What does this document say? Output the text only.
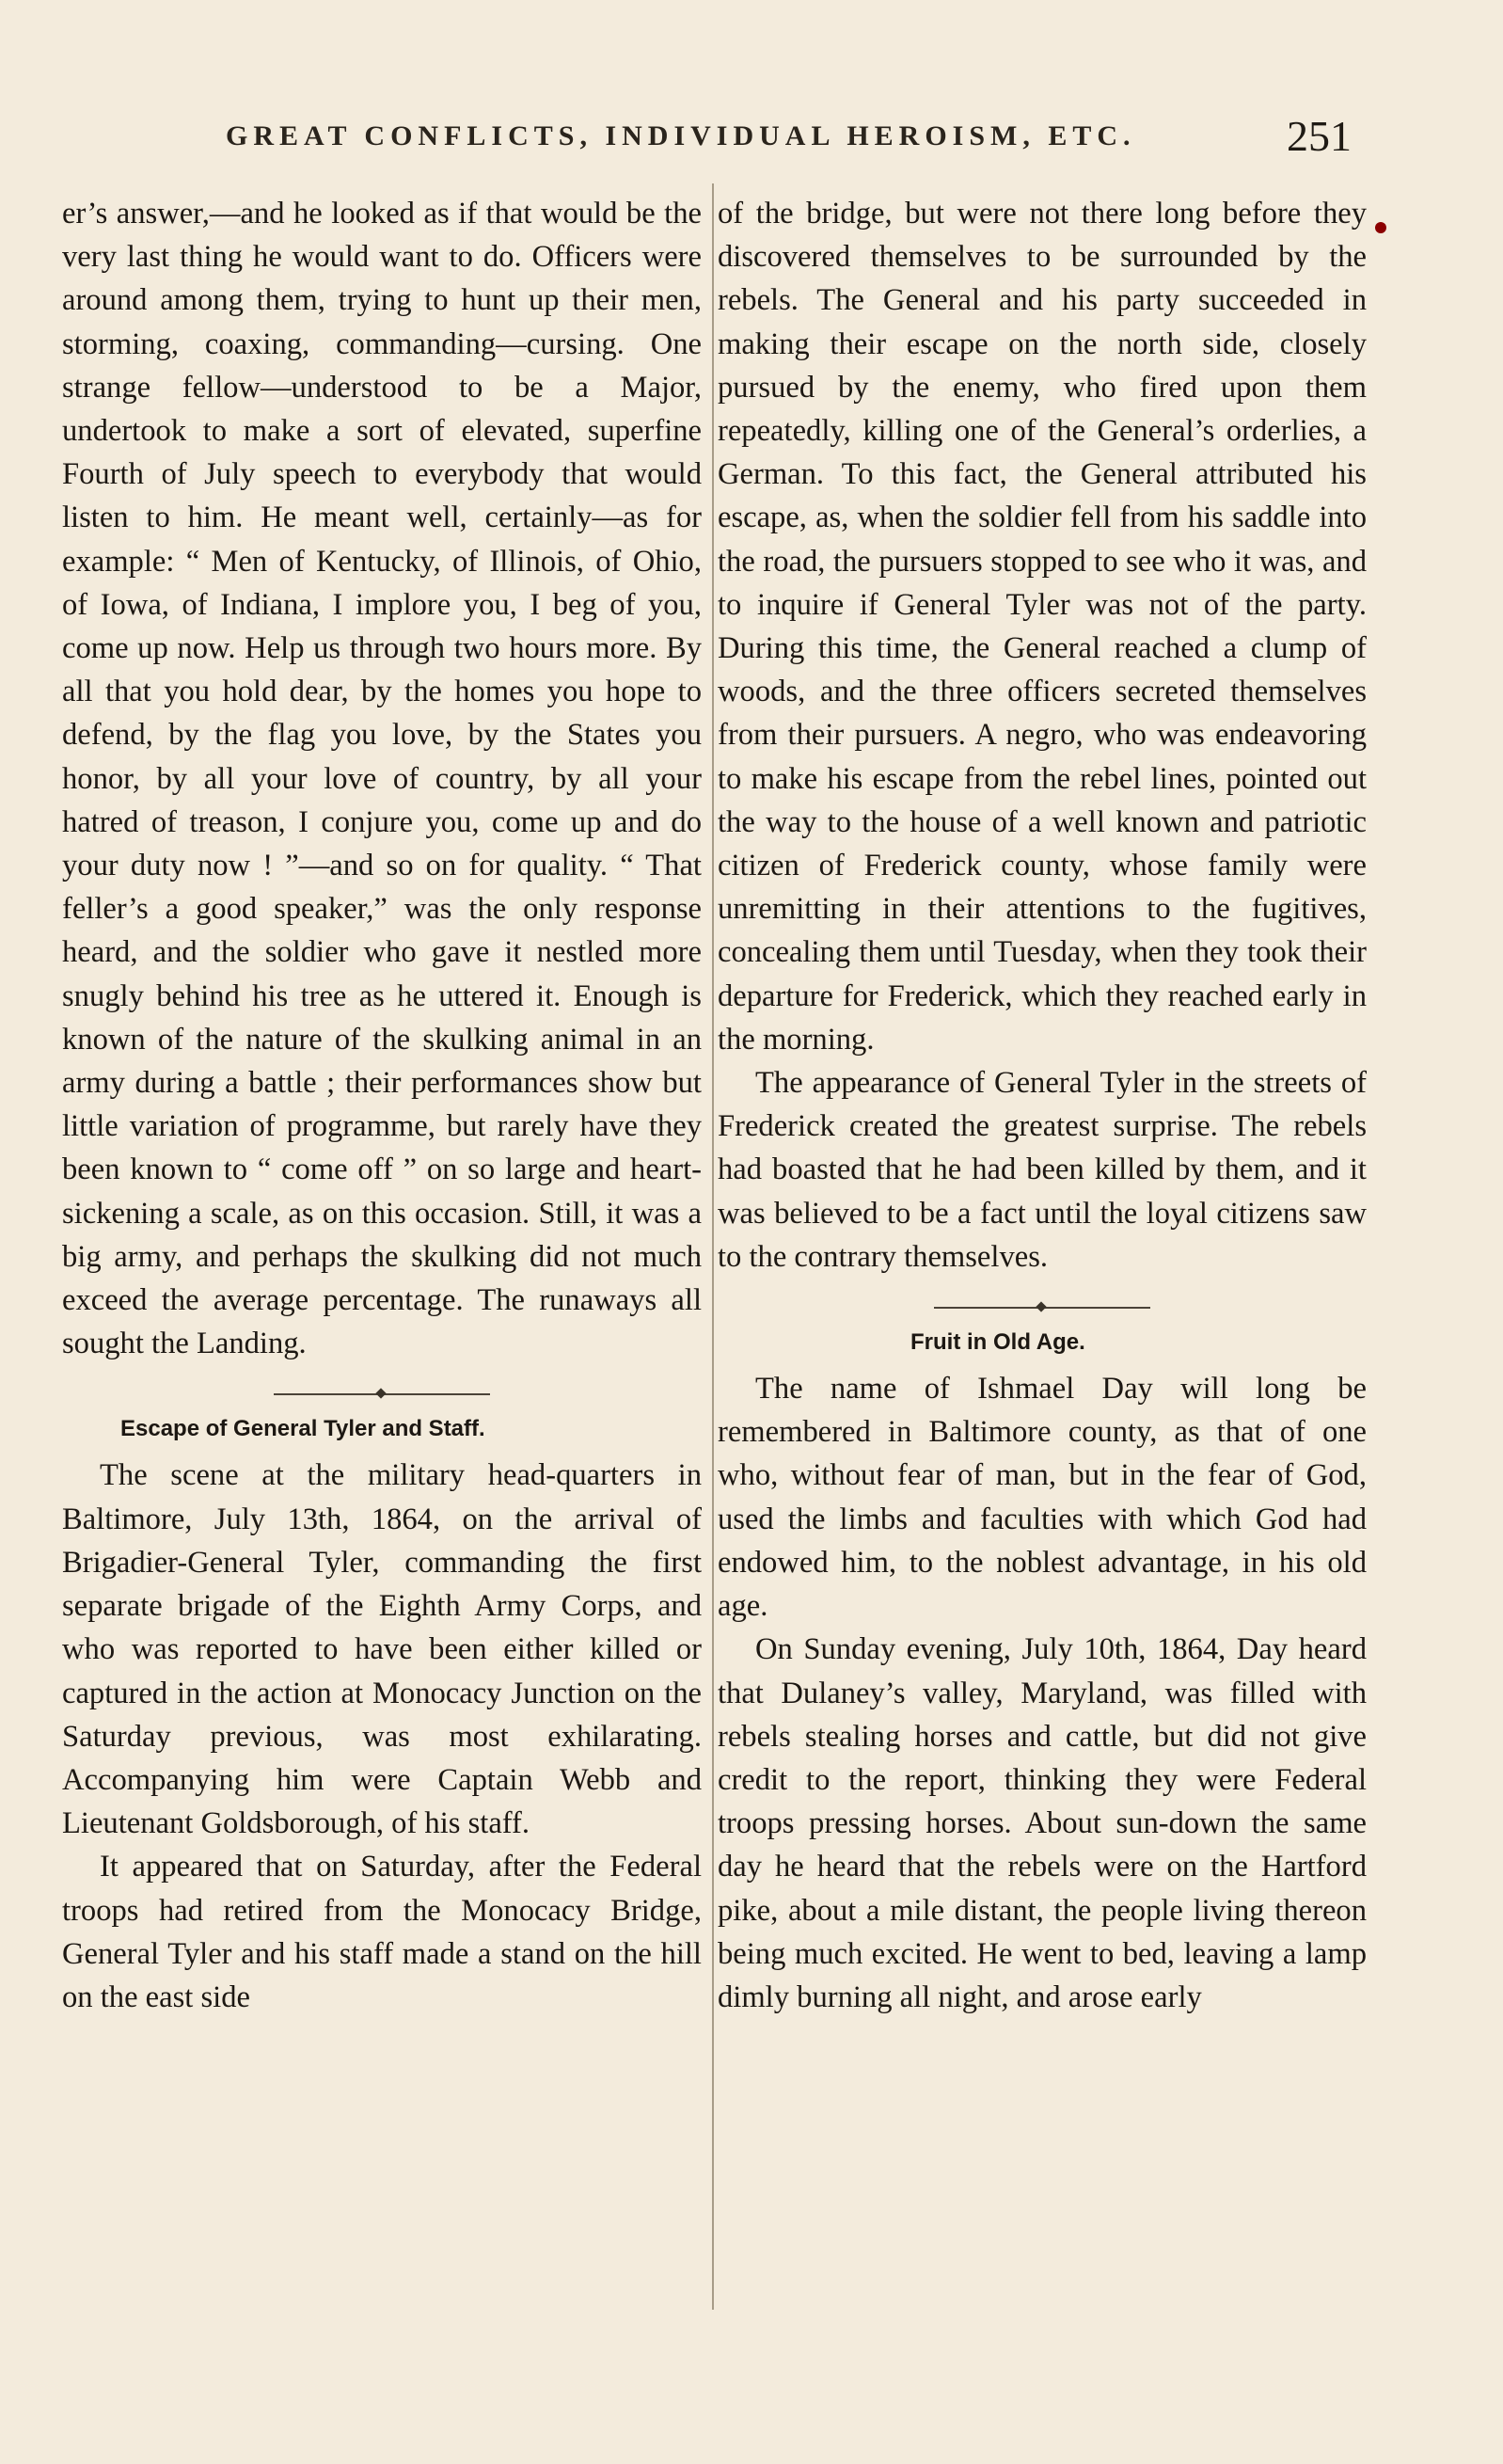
GREAT CONFLICTS, INDIVIDUAL HEROISM, ETC.	251

er’s answer,—and he looked as if that would be the very last thing he would want to do. Officers were around among them, trying to hunt up their men, storming, coaxing, commanding—cursing. One strange fellow—understood to be a Major, undertook to make a sort of elevated, superfine Fourth of July speech to everybody that would listen to him. He meant well, certainly—as for example: “ Men of Kentucky, of Illinois, of Ohio, of Iowa, of Indiana, I implore you, I beg of you, come up now. Help us through two hours more. By all that you hold dear, by the homes you hope to defend, by the flag you love, by the States you honor, by all your love of country, by all your hatred of treason, I conjure you, come up and do your duty now ! ”—and so on for quality. “ That feller’s a good speaker,” was the only response heard, and the soldier who gave it nestled more snugly behind his tree as he uttered it. Enough is known of the nature of the skulking animal in an army during a battle ; their performances show but little variation of programme, but rarely have they been known to “ come off ” on so large and heart-sickening a scale, as on this occasion. Still, it was a big army, and perhaps the skulking did not much exceed the average percentage. The runaways all sought the Landing.

Escape of General Tyler and Staff.

The scene at the military head-quarters in Baltimore, July 13th, 1864, on the arrival of Brigadier-General Tyler, commanding the first separate brigade of the Eighth Army Corps, and who was reported to have been either killed or captured in the action at Monocacy Junction on the Saturday previous, was most exhilarating. Accompanying him were Captain Webb and Lieutenant Goldsborough, of his staff.

It appeared that on Saturday, after the Federal troops had retired from the Monocacy Bridge, General Tyler and his staff made a stand on the hill on the east side

of the bridge, but were not there long before they discovered themselves to be surrounded by the rebels. The General and his party succeeded in making their escape on the north side, closely pursued by the enemy, who fired upon them repeatedly, killing one of the General’s orderlies, a German. To this fact, the General attributed his escape, as, when the soldier fell from his saddle into the road, the pursuers stopped to see who it was, and to inquire if General Tyler was not of the party. During this time, the General reached a clump of woods, and the three officers secreted themselves from their pursuers. A negro, who was endeavoring to make his escape from the rebel lines, pointed out the way to the house of a well known and patriotic citizen of Frederick county, whose family were unremitting in their attentions to the fugitives, concealing them until Tuesday, when they took their departure for Frederick, which they reached early in the morning.

The appearance of General Tyler in the streets of Frederick created the greatest surprise. The rebels had boasted that he had been killed by them, and it was believed to be a fact until the loyal citizens saw to the contrary themselves.

Fruit in Old Age.

The name of Ishmael Day will long be remembered in Baltimore county, as that of one who, without fear of man, but in the fear of God, used the limbs and faculties with which God had endowed him, to the noblest advantage, in his old age.

On Sunday evening, July 10th, 1864, Day heard that Dulaney’s valley, Maryland, was filled with rebels stealing horses and cattle, but did not give credit to the report, thinking they were Federal troops pressing horses. About sun-down the same day he heard that the rebels were on the Hartford pike, about a mile distant, the people living thereon being much excited. He went to bed, leaving a lamp dimly burning all night, and arose early
